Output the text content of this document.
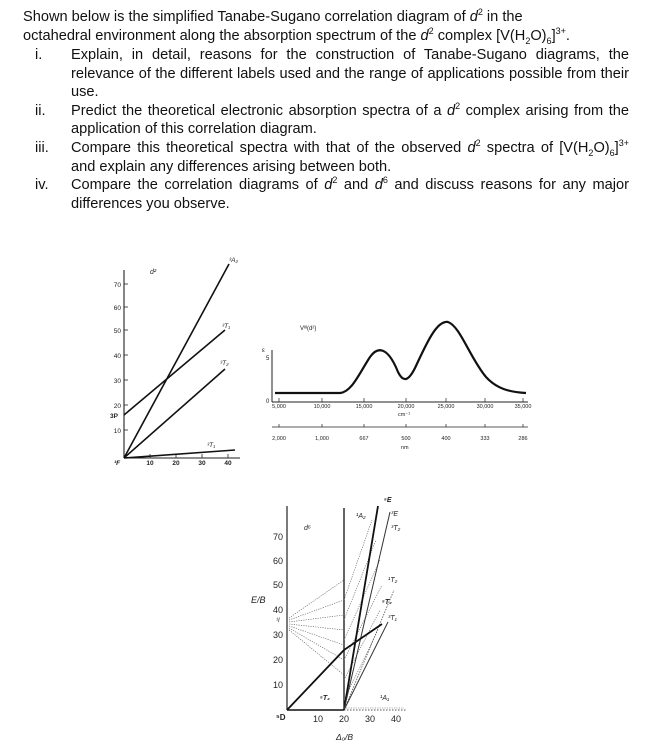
Shown below is the simplified Tanabe-Sugano correlation diagram of $d^2$ in the
octahedral environment along the absorption spectrum of the $d^2$ complex $[V(H_2O)_6]^{3+}$.
i. Explain, in detail, reasons for the construction of Tanabe-Sugano diagrams, the relevance of the different labels used and the range of applications possible from their use.
ii. Predict the theoretical electronic absorption spectra of a $d^2$ complex arising from the application of this correlation diagram.
iii. Compare this theoretical spectra with that of the observed $d^2$ spectra of $[V(H_2O)_6]^{3+}$ and explain any differences arising between both.
iv. Compare the correlation diagrams of $d^2$ and $d^6$ and discuss reasons for any major differences you observe.
70
60
50
40
30
20
10
3P
³F	10	20	30	40
d²
³A₂
³T₁
³T₂
³T₁
ε
5
0
Vᴵᴵᴵ(d²)
5,000	10,000	15,000	20,000	25,000	30,000	35,000
cm⁻¹
2,000	1,000	667	500	400	333	286
nm
70
60
50
40
30
20
10
¹I
E/B
d⁶
⁵D	10 20 30 40
Δₒ/B
⁵E
³E
³T₂
¹A₂
¹T₂
⁵T₂
³T₁
¹A₁
⁵T₂
